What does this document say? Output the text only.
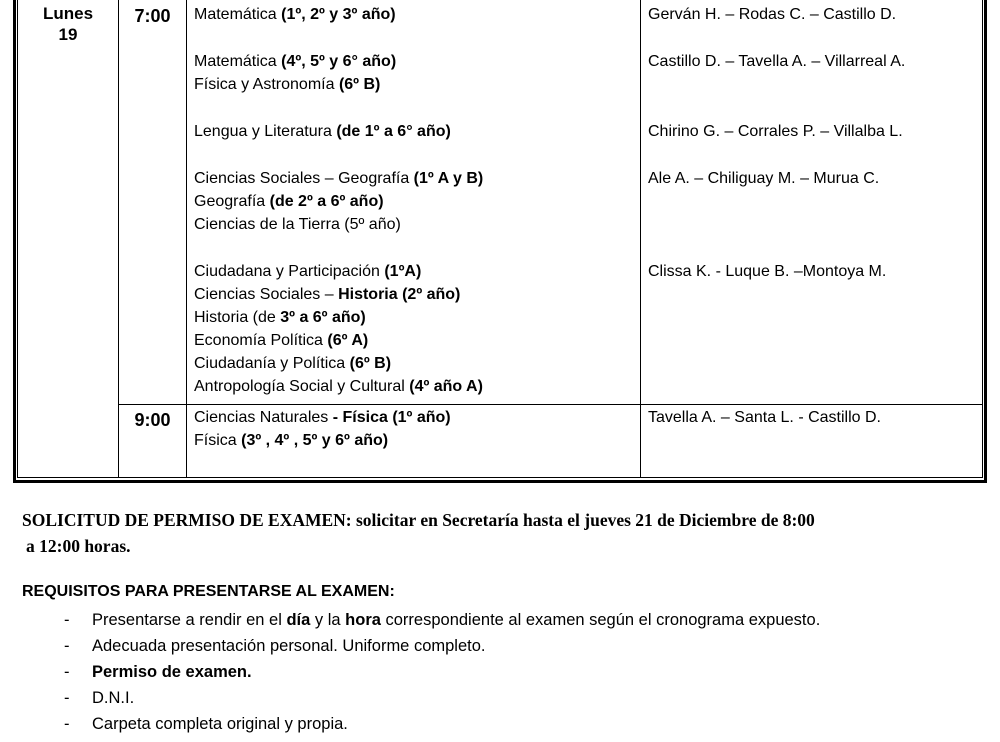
Lunes
19
7:00
9:00
Matemática (1º, 2º y 3º año)
Matemática (4º, 5º y 6° año)
Física y Astronomía (6º B)
Lengua y Literatura (de 1º a 6° año)
Ciencias Sociales – Geografía (1º A y B)
Geografía (de 2º a 6º año)
Ciencias de la Tierra (5º año)
Ciudadana y Participación (1ºA)
Ciencias Sociales – Historia (2º año)
Historia (de 3º a 6º año)
Economía Política (6º A)
Ciudadanía y Política (6º B)
Antropología Social y Cultural (4º año A)
Gerván H. – Rodas C. – Castillo D.
Castillo D. – Tavella A. – Villarreal A.
Chirino G. – Corrales P. – Villalba L.
Ale A. – Chiliguay M. – Murua C.
Clissa K. - Luque B. –Montoya M.
Ciencias Naturales - Física (1º año)
Física (3º , 4º , 5º y 6º año)
Tavella A. – Santa L. - Castillo D.
SOLICITUD DE PERMISO DE EXAMEN: solicitar en Secretaría hasta el jueves 21 de Diciembre de 8:00
a 12:00 horas.
REQUISITOS PARA PRESENTARSE AL EXAMEN:
- Presentarse a rendir en el día y la hora correspondiente al examen según el cronograma expuesto.
- Adecuada presentación personal. Uniforme completo.
- Permiso de examen.
- D.N.I.
- Carpeta completa original y propia.
